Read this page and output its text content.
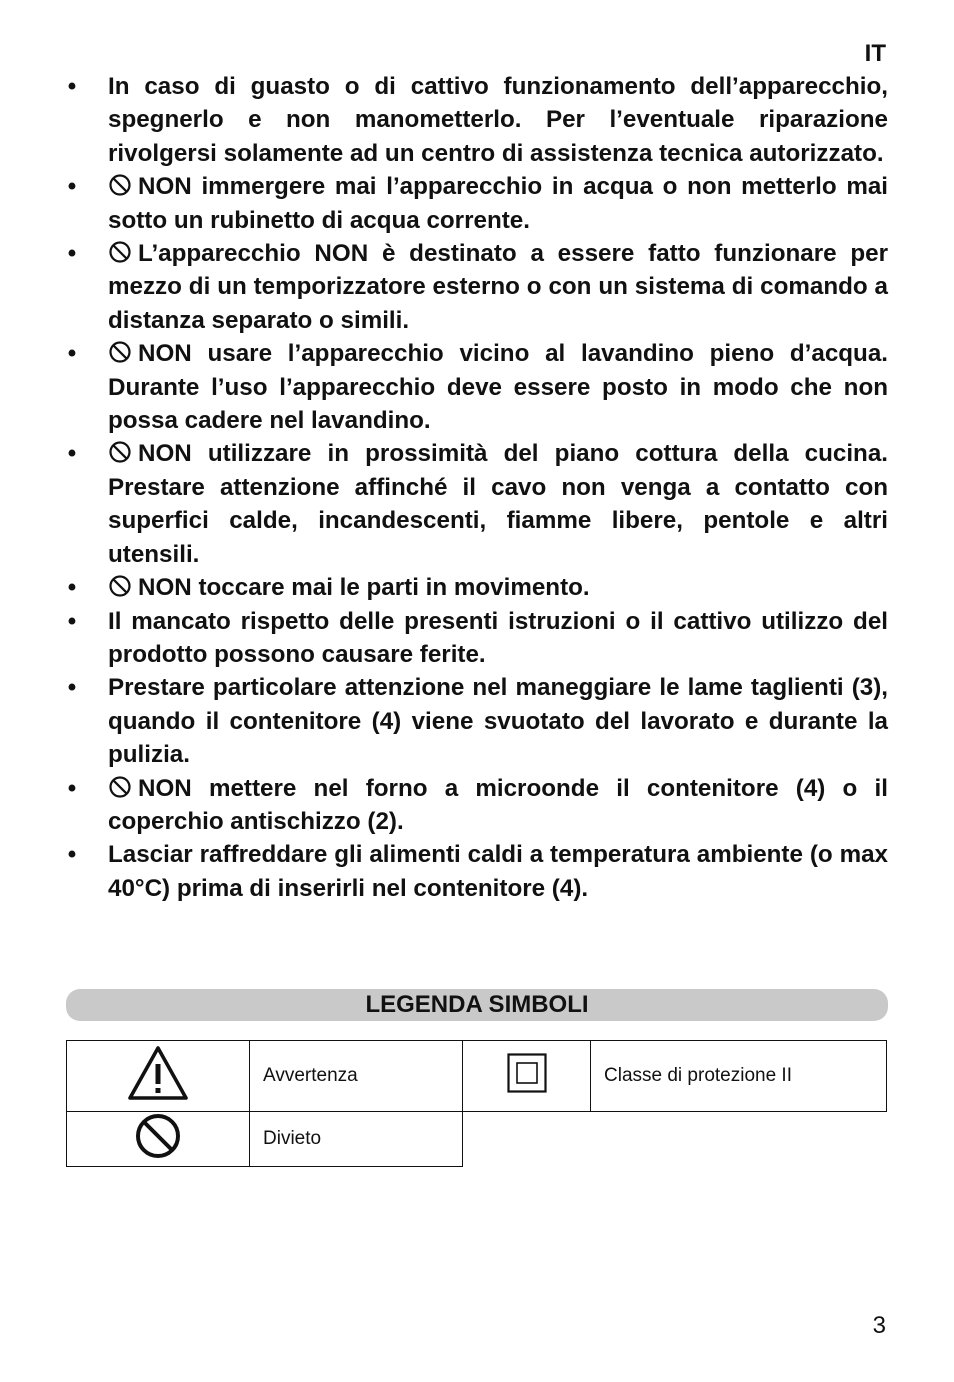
IT
• In caso di guasto o di cattivo funzionamento dell’apparecchio, spegnerlo e non manometterlo. Per l’eventuale riparazione rivolgersi solamente ad un centro di assistenza tecnica autorizzato.
•	NON immergere mai l’apparecchio in acqua o non metterlo mai sotto un rubinetto di acqua corrente.
•	L’apparecchio NON è destinato a essere fatto funzionare per mezzo di un temporizzatore esterno o con un sistema di comando a distanza separato o simili.
•	NON usare l’apparecchio vicino al lavandino pieno d’acqua. Durante l’uso l’apparecchio deve essere posto in modo che non possa cadere nel lavandino.
•	NON utilizzare in prossimità del piano cottura della cucina. Prestare attenzione affinché il cavo non venga a contatto con superfici calde, incandescenti, fiamme libere, pentole e altri utensili.
•	NON toccare mai le parti in movimento.
• Il mancato rispetto delle presenti istruzioni o il cattivo utilizzo del prodotto possono causare ferite.
• Prestare particolare attenzione nel maneggiare le lame taglienti (3), quando il contenitore (4) viene svuotato del lavorato e durante la pulizia.
•	NON mettere nel forno a microonde il contenitore (4) o il coperchio antischizzo (2).
• Lasciar raffreddare gli alimenti caldi a temperatura ambiente (o max 40°C) prima di inserirli nel contenitore (4).
LEGENDA SIMBOLI
	Avvertenza		Classe di protezione II
	Divieto		
3
